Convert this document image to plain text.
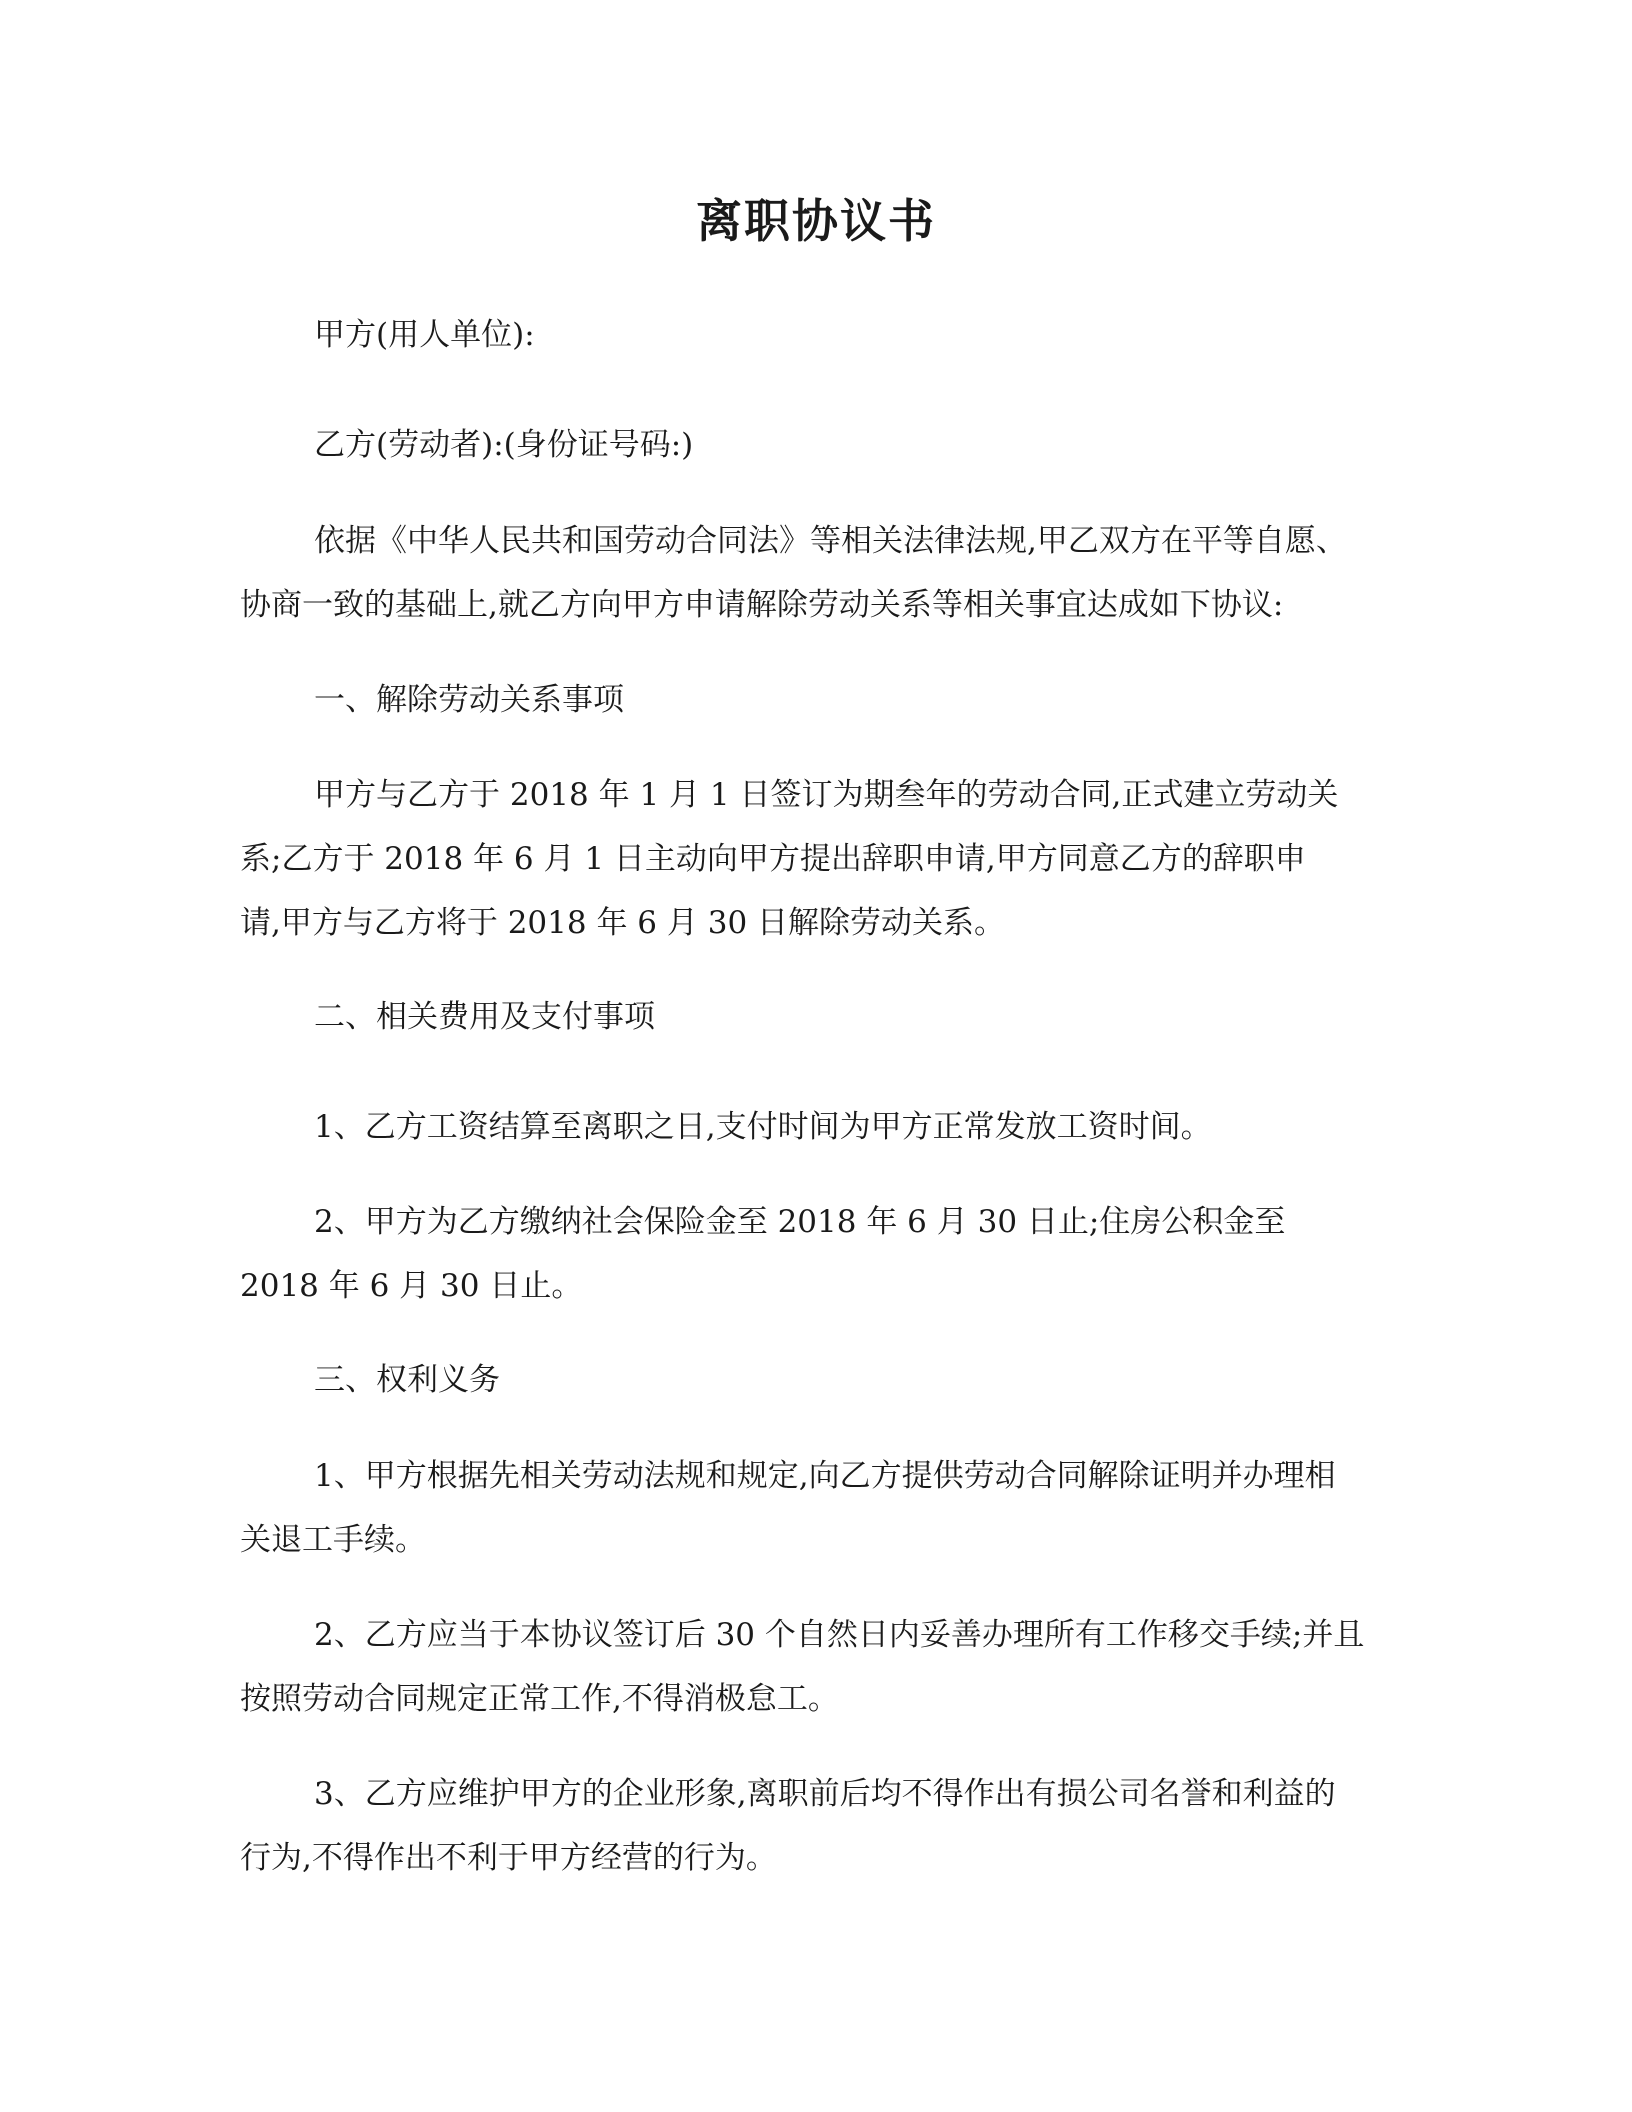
离职协议书

甲方(用人单位):

乙方(劳动者):(身份证号码:)

依据《中华人民共和国劳动合同法》等相关法律法规,甲乙双方在平等自愿、
协商一致的基础上,就乙方向甲方申请解除劳动关系等相关事宜达成如下协议:

一、解除劳动关系事项

甲方与乙方于 2018 年 1 月 1 日签订为期叁年的劳动合同,正式建立劳动关
系;乙方于 2018 年 6 月 1 日主动向甲方提出辞职申请,甲方同意乙方的辞职申
请,甲方与乙方将于 2018 年 6 月 30 日解除劳动关系。

二、相关费用及支付事项

1、乙方工资结算至离职之日,支付时间为甲方正常发放工资时间。

2、甲方为乙方缴纳社会保险金至 2018 年 6 月 30 日止;住房公积金至
2018 年 6 月 30 日止。

三、权利义务

1、甲方根据先相关劳动法规和规定,向乙方提供劳动合同解除证明并办理相
关退工手续。

2、乙方应当于本协议签订后 30 个自然日内妥善办理所有工作移交手续;并且
按照劳动合同规定正常工作,不得消极怠工。

3、乙方应维护甲方的企业形象,离职前后均不得作出有损公司名誉和利益的
行为,不得作出不利于甲方经营的行为。
